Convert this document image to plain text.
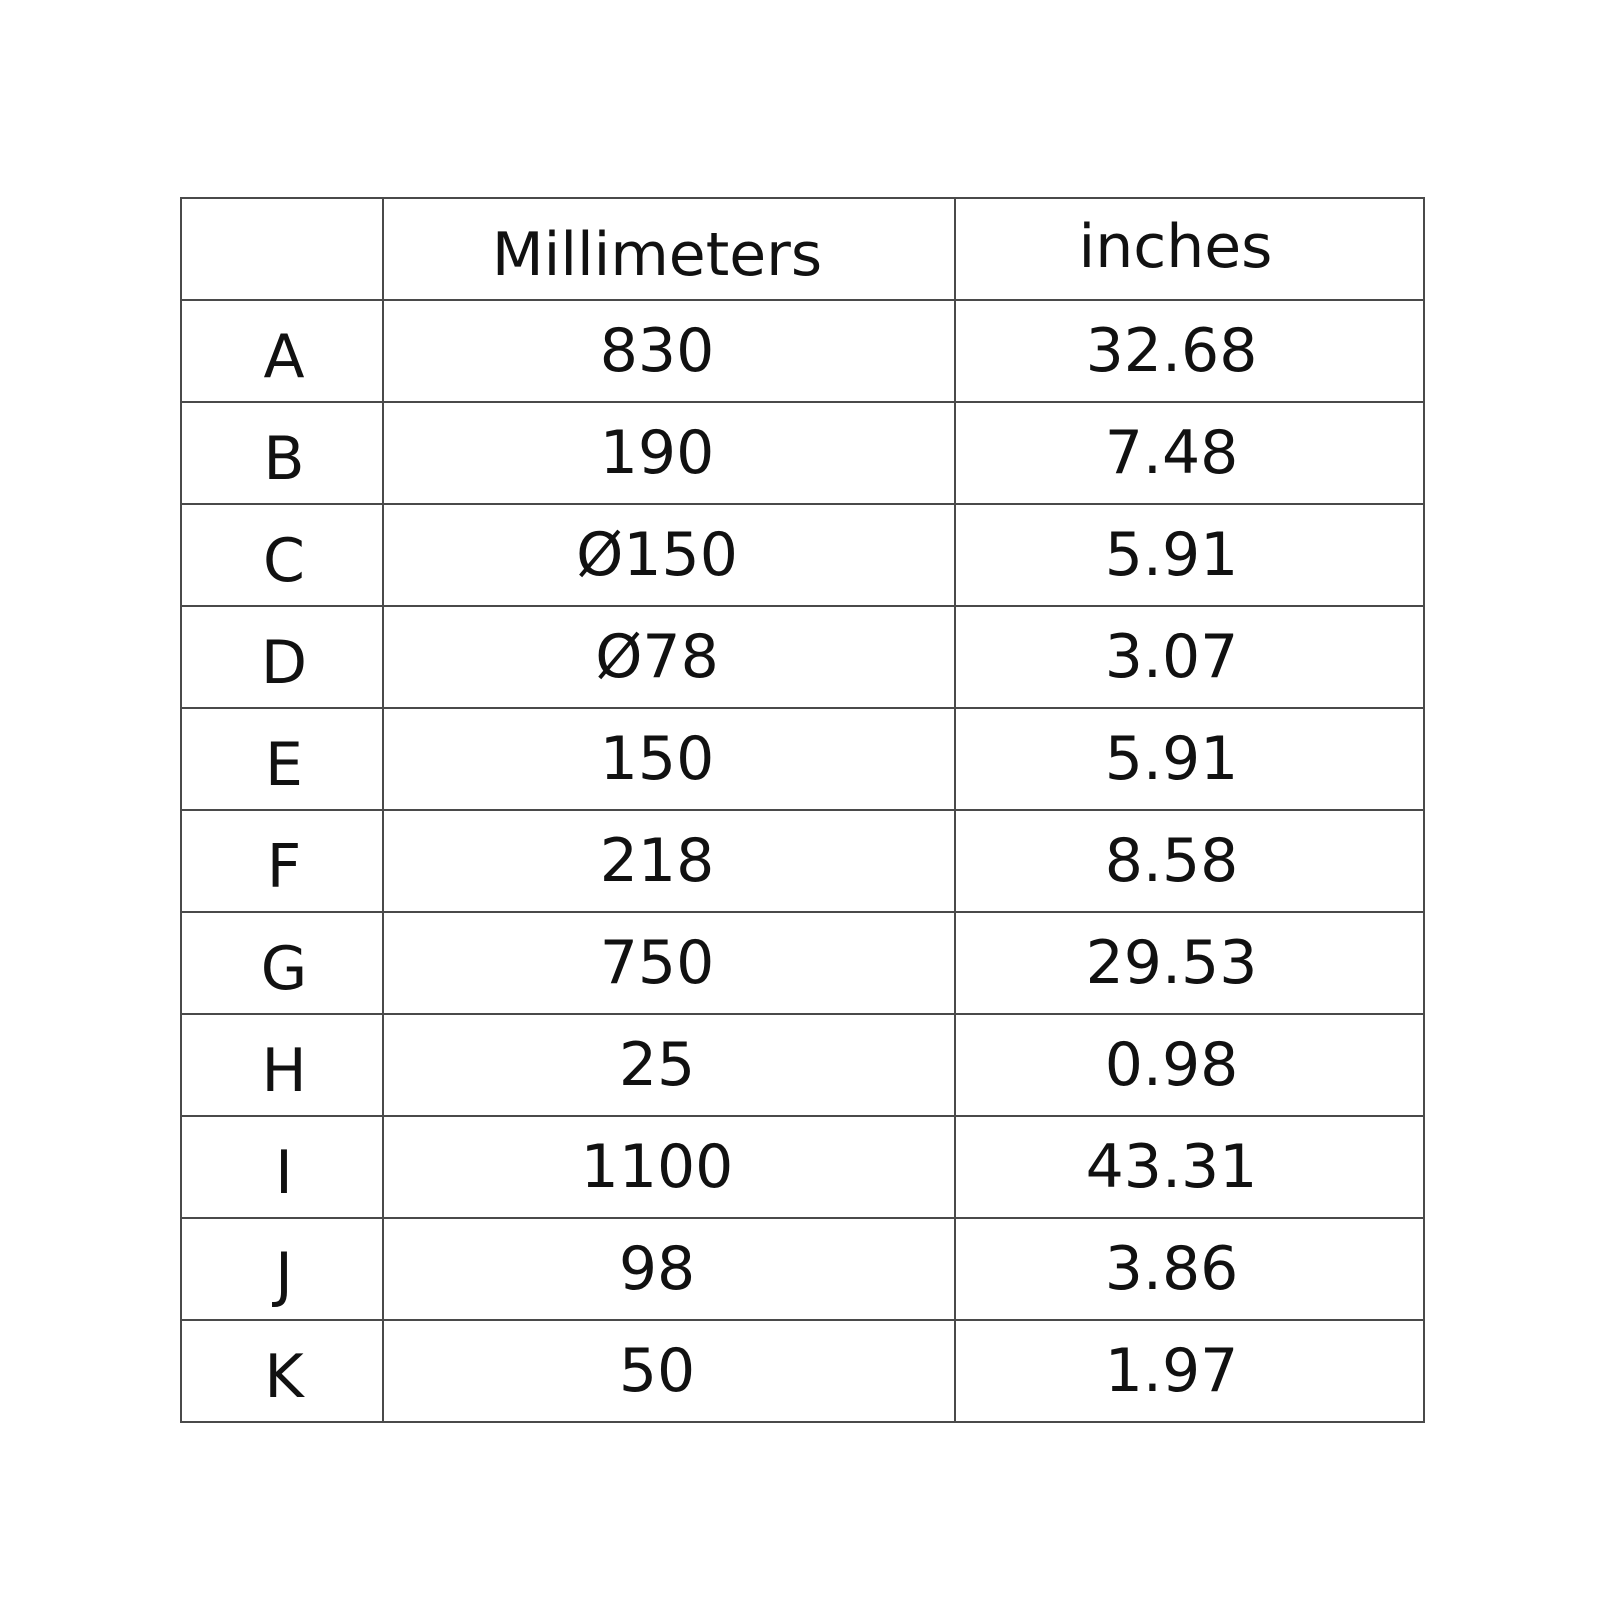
	Millimeters	inches
A	830	32.68
B	190	7.48
C	Ø150	5.91
D	Ø78	3.07
E	150	5.91
F	218	8.58
G	750	29.53
H	25	0.98
I	1100	43.31
J	98	3.86
K	50	1.97
